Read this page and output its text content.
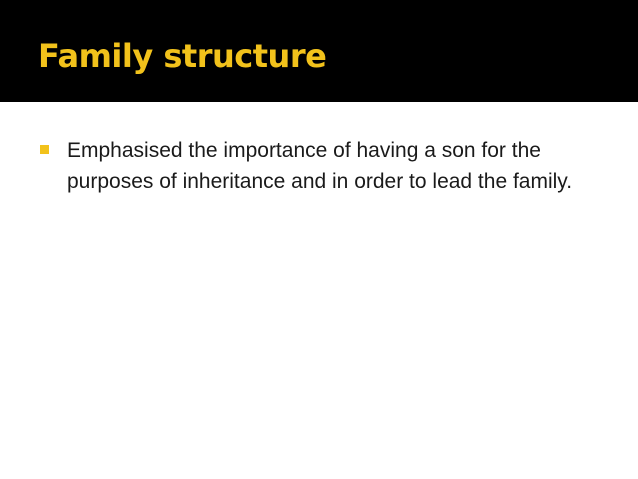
Family structure

Emphasised the importance of having a son for the purposes of inheritance and in order to lead the family.
